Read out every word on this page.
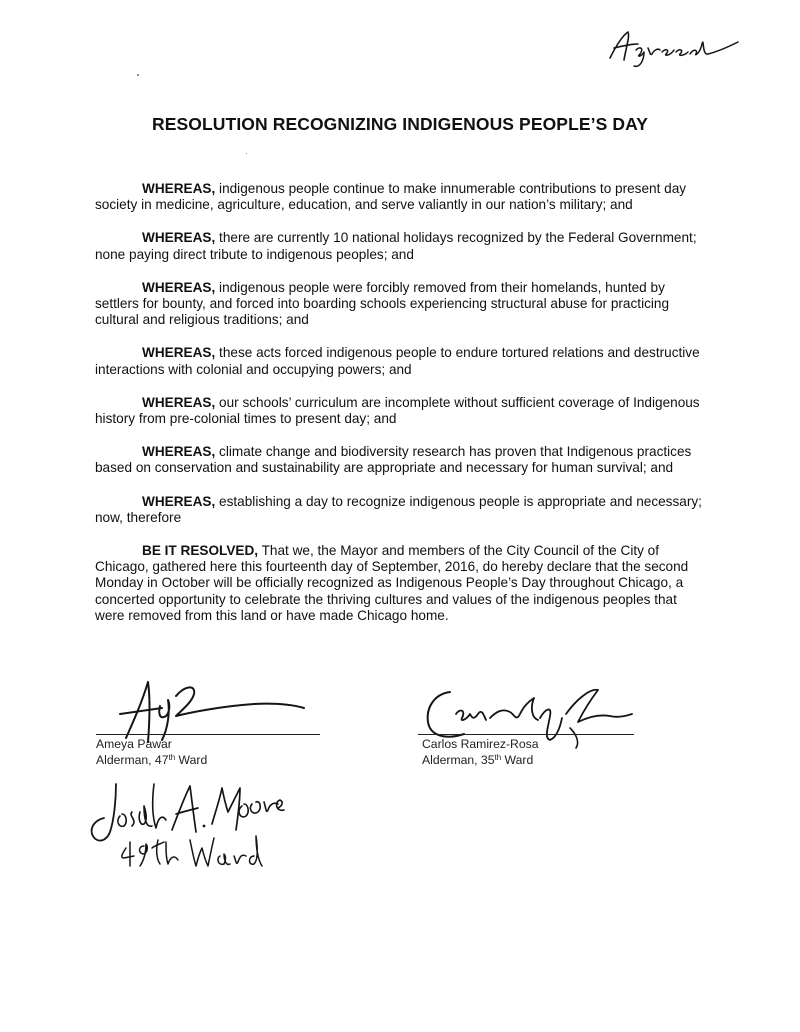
RESOLUTION RECOGNIZING INDIGENOUS PEOPLE’S DAY

WHEREAS, indigenous people continue to make innumerable contributions to present day society in medicine, agriculture, education, and serve valiantly in our nation’s military; and

WHEREAS, there are currently 10 national holidays recognized by the Federal Government; none paying direct tribute to indigenous peoples; and

WHEREAS, indigenous people were forcibly removed from their homelands, hunted by settlers for bounty, and forced into boarding schools experiencing structural abuse for practicing cultural and religious traditions; and

WHEREAS, these acts forced indigenous people to endure tortured relations and destructive interactions with colonial and occupying powers; and

WHEREAS, our schools’ curriculum are incomplete without sufficient coverage of Indigenous history from pre-colonial times to present day; and

WHEREAS, climate change and biodiversity research has proven that Indigenous practices based on conservation and sustainability are appropriate and necessary for human survival; and

WHEREAS, establishing a day to recognize indigenous people is appropriate and necessary; now, therefore

BE IT RESOLVED, That we, the Mayor and members of the City Council of the City of Chicago, gathered here this fourteenth day of September, 2016, do hereby declare that the second Monday in October will be officially recognized as Indigenous People’s Day throughout Chicago, a concerted opportunity to celebrate the thriving cultures and values of the indigenous peoples that were removed from this land or have made Chicago home.

Ameya Pawar
Alderman, 47th Ward
Carlos Ramirez-Rosa
Alderman, 35th Ward
